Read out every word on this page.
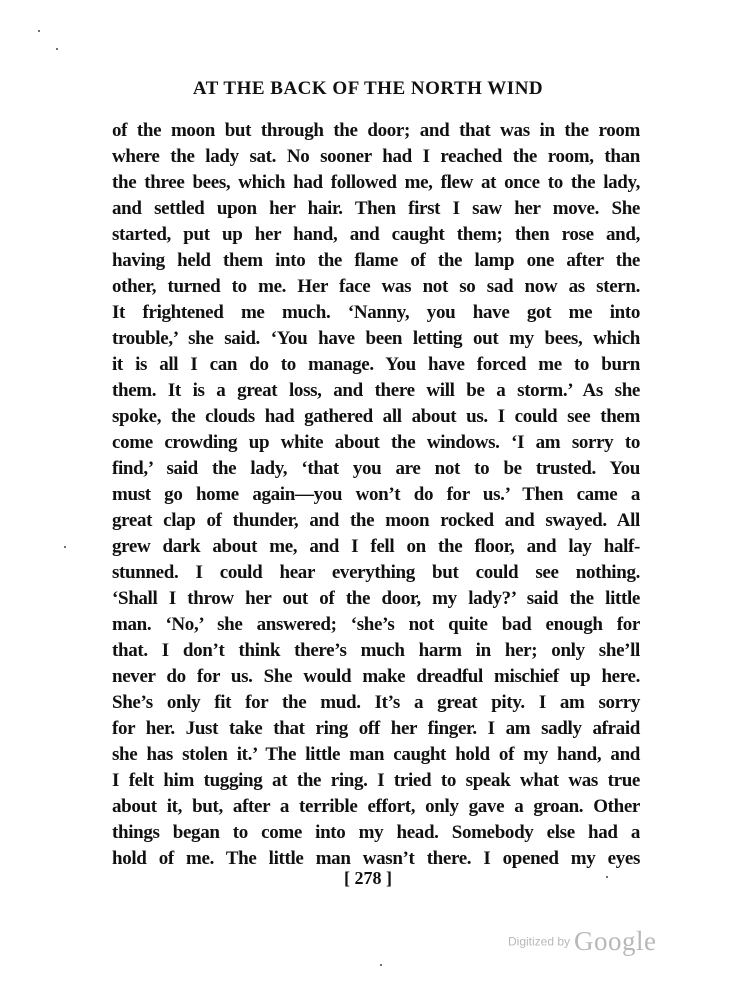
AT THE BACK OF THE NORTH WIND
of the moon but through the door; and that was in the room
where the lady sat. No sooner had I reached the room, than
the three bees, which had followed me, flew at once to the lady,
and settled upon her hair. Then first I saw her move. She
started, put up her hand, and caught them; then rose and,
having held them into the flame of the lamp one after the
other, turned to me. Her face was not so sad now as stern.
It frightened me much. ‘Nanny, you have got me into
trouble,’ she said. ‘You have been letting out my bees, which
it is all I can do to manage. You have forced me to burn
them. It is a great loss, and there will be a storm.’ As she
spoke, the clouds had gathered all about us. I could see them
come crowding up white about the windows. ‘I am sorry to
find,’ said the lady, ‘that you are not to be trusted. You
must go home again—you won’t do for us.’ Then came a
great clap of thunder, and the moon rocked and swayed. All
grew dark about me, and I fell on the floor, and lay half-
stunned. I could hear everything but could see nothing.
‘Shall I throw her out of the door, my lady?’ said the little
man. ‘No,’ she answered; ‘she’s not quite bad enough for
that. I don’t think there’s much harm in her; only she’ll
never do for us. She would make dreadful mischief up here.
She’s only fit for the mud. It’s a great pity. I am sorry
for her. Just take that ring off her finger. I am sadly afraid
she has stolen it.’ The little man caught hold of my hand, and
I felt him tugging at the ring. I tried to speak what was true
about it, but, after a terrible effort, only gave a groan. Other
things began to come into my head. Somebody else had a
hold of me. The little man wasn’t there. I opened my eyes
[ 278 ]
Digitized by Google
